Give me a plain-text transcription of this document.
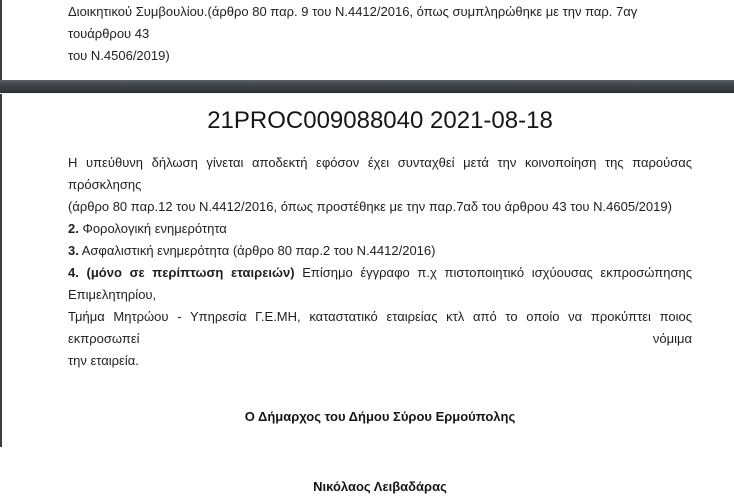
Διοικητικού Συμβουλίου.(άρθρο 80 παρ. 9 του Ν.4412/2016, όπως συμπληρώθηκε με την παρ. 7αγ τουάρθρου 43
του Ν.4506/2019)
21PROC009088040 2021-08-18
Η υπεύθυνη δήλωση γίνεται αποδεκτή εφόσον έχει συνταχθεί μετά την κοινοποίηση της παρούσας πρόσκλησης
(άρθρο 80 παρ.12 του Ν.4412/2016, όπως προστέθηκε με την παρ.7αδ του άρθρου 43 του Ν.4605/2019)
2. Φορολογική ενημερότητα
3. Ασφαλιστική ενημερότητα (άρθρο 80 παρ.2 του Ν.4412/2016)
4. (μόνο σε περίπτωση εταιρειών) Επίσημο έγγραφο π.χ πιστοποιητικό ισχύουσας εκπροσώπησης Επιμελητηρίου,
Τμήμα Μητρώου - Υπηρεσία Γ.Ε.ΜΗ, καταστατικό εταιρείας κτλ από το οποίο να προκύπτει ποιος εκπροσωπεί νόμιμα
την εταιρεία.
Ο Δήμαρχος του Δήμου Σύρου Ερμούπολης
Νικόλαος Λειβαδάρας
